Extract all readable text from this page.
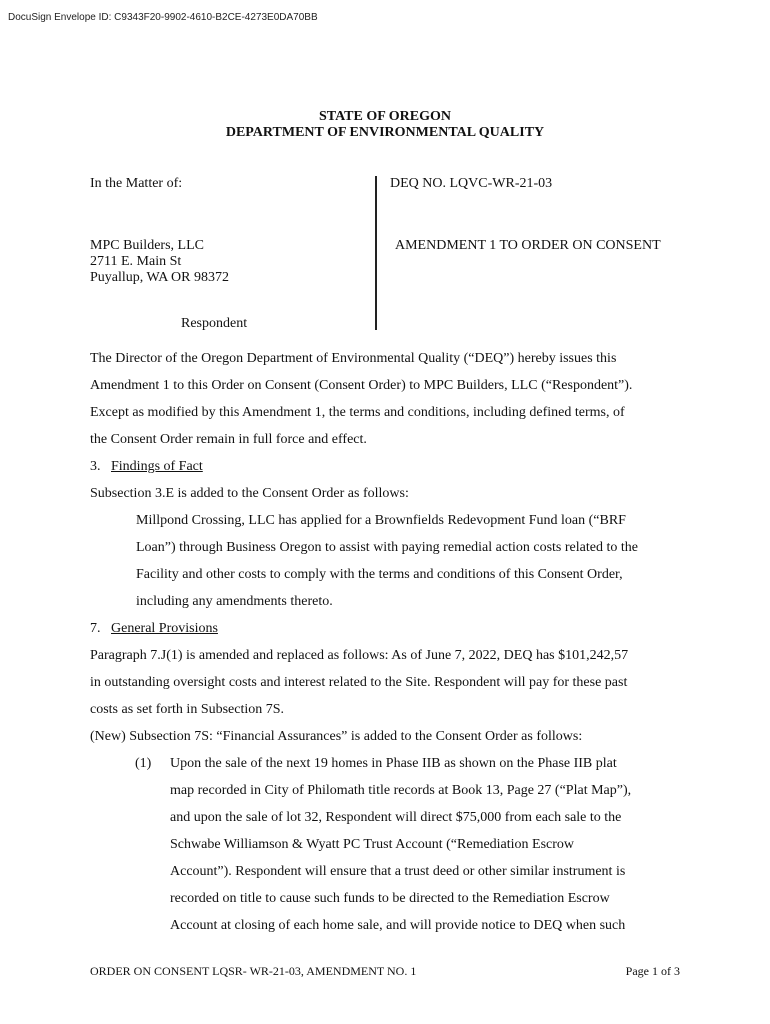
DocuSign Envelope ID: C9343F20-9902-4610-B2CE-4273E0DA70BB
STATE OF OREGON
DEPARTMENT OF ENVIRONMENTAL QUALITY
In the Matter of:	DEQ NO. LQVC-WR-21-03
MPC Builders, LLC
2711 E. Main St
Puyallup, WA OR 98372
Respondent
AMENDMENT 1 TO ORDER ON CONSENT
The Director of the Oregon Department of Environmental Quality (“DEQ”) hereby issues this
Amendment 1 to this Order on Consent (Consent Order) to MPC Builders, LLC (“Respondent”).
Except as modified by this Amendment 1, the terms and conditions, including defined terms, of
the Consent Order remain in full force and effect.
3. Findings of Fact
Subsection 3.E is added to the Consent Order as follows:
Millpond Crossing, LLC has applied for a Brownfields Redevopment Fund loan (“BRF
Loan”) through Business Oregon to assist with paying remedial action costs related to the
Facility and other costs to comply with the terms and conditions of this Consent Order,
including any amendments thereto.
7. General Provisions
Paragraph 7.J(1) is amended and replaced as follows: As of June 7, 2022, DEQ has $101,242,57
in outstanding oversight costs and interest related to the Site. Respondent will pay for these past
costs as set forth in Subsection 7S.
(New) Subsection 7S: “Financial Assurances” is added to the Consent Order as follows:
(1) Upon the sale of the next 19 homes in Phase IIB as shown on the Phase IIB plat
map recorded in City of Philomath title records at Book 13, Page 27 (“Plat Map”),
and upon the sale of lot 32, Respondent will direct $75,000 from each sale to the
Schwabe Williamson & Wyatt PC Trust Account (“Remediation Escrow
Account”). Respondent will ensure that a trust deed or other similar instrument is
recorded on title to cause such funds to be directed to the Remediation Escrow
Account at closing of each home sale, and will provide notice to DEQ when such
ORDER ON CONSENT LQSR- WR-21-03, AMENDMENT NO. 1	Page 1 of 3
